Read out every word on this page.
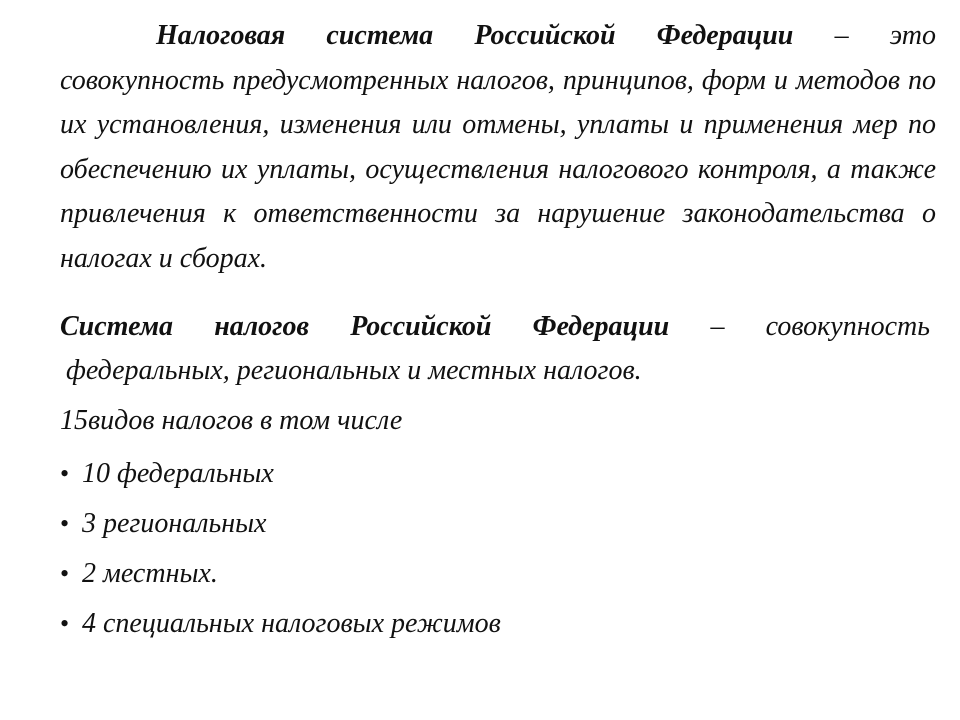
Налоговая система Российской Федерации – это совокупность предусмотренных налогов, принципов, форм и методов по их установления, изменения или отмены, уплаты и применения мер по обеспечению их уплаты, осуществления налогового контроля, а также привлечения к ответственности за нарушение законодательства о налогах и сборах.

Система налогов Российской Федерации – совокупность
федеральных, региональных и местных налогов.

15видов налогов в том числе

• 10 федеральных
• 3 региональных
• 2 местных.
• 4 специальных налоговых режимов
